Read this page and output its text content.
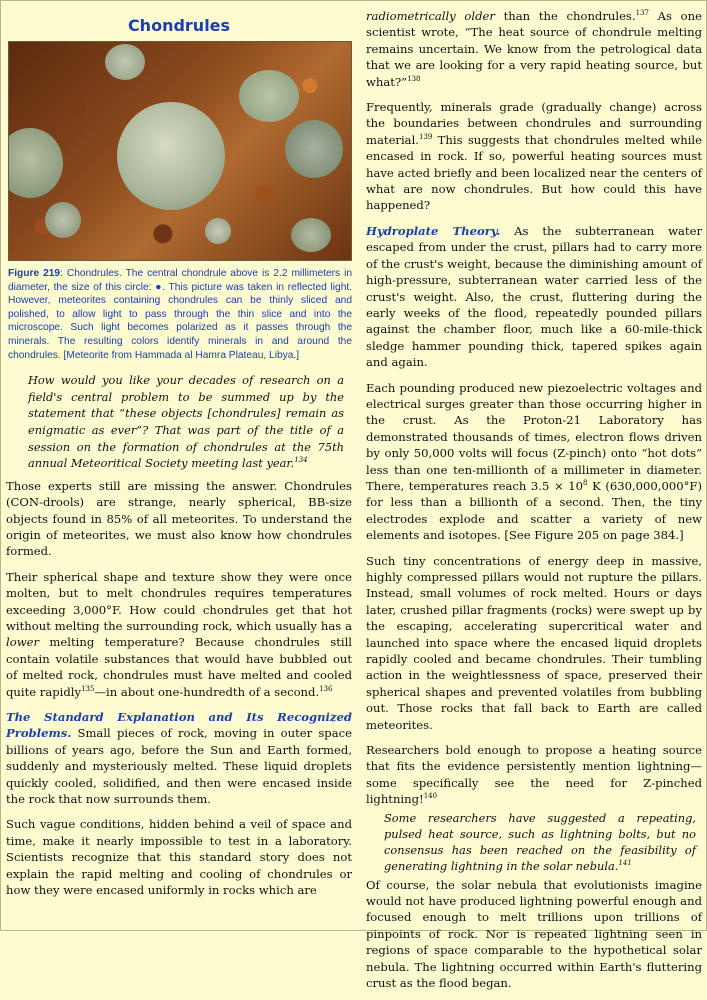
Chondrules
Figure 219: Chondrules. The central chondrule above is 2.2 millimeters in diameter, the size of this circle: ●. This picture was taken in reflected light. However, meteorites containing chondrules can be thinly sliced and polished, to allow light to pass through the thin slice and into the microscope. Such light becomes polarized as it passes through the minerals. The resulting colors identify minerals in and around the chondrules. [Meteorite from Hammada al Hamra Plateau, Libya.]
How would you like your decades of research on a field's central problem to be summed up by the statement that “these objects [chondrules] remain as enigmatic as ever”? That was part of the title of a session on the formation of chondrules at the 75th annual Meteoritical Society meeting last year.$^{134}$

Those experts still are missing the answer. Chondrules (CON-drools) are strange, nearly spherical, BB-size objects found in 85% of all meteorites. To understand the origin of meteorites, we must also know how chondrules formed.

Their spherical shape and texture show they were once molten, but to melt chondrules requires temperatures exceeding 3,000°F. How could chondrules get that hot without melting the surrounding rock, which usually has a lower melting temperature? Because chondrules still contain volatile substances that would have bubbled out of melted rock, chondrules must have melted and cooled quite rapidly$^{135}$—in about one-hundredth of a second.$^{136}$

The Standard Explanation and Its Recognized Problems. Small pieces of rock, moving in outer space billions of years ago, before the Sun and Earth formed, suddenly and mysteriously melted. These liquid droplets quickly cooled, solidified, and then were encased inside the rock that now surrounds them.

Such vague conditions, hidden behind a veil of space and time, make it nearly impossible to test in a laboratory. Scientists recognize that this standard story does not explain the rapid melting and cooling of chondrules or how they were encased uniformly in rocks which are

radiometrically older than the chondrules.$^{137}$ As one scientist wrote, “The heat source of chondrule melting remains uncertain. We know from the petrological data that we are looking for a very rapid heating source, but what?”$^{138}$

Frequently, minerals grade (gradually change) across the boundaries between chondrules and surrounding material.$^{139}$ This suggests that chondrules melted while encased in rock. If so, powerful heating sources must have acted briefly and been localized near the centers of what are now chondrules. But how could this have happened?

Hydroplate Theory. As the subterranean water escaped from under the crust, pillars had to carry more of the crust's weight, because the diminishing amount of high-pressure, subterranean water carried less of the crust's weight. Also, the crust, fluttering during the early weeks of the flood, repeatedly pounded pillars against the chamber floor, much like a 60-mile-thick sledge hammer pounding thick, tapered spikes again and again.

Each pounding produced new piezoelectric voltages and electrical surges greater than those occurring higher in the crust. As the Proton-21 Laboratory has demonstrated thousands of times, electron flows driven by only 50,000 volts will focus (Z-pinch) onto “hot dots” less than one ten-millionth of a millimeter in diameter. There, temperatures reach $3.5 \times 10^8$ K (630,000,000°F) for less than a billionth of a second. Then, the tiny electrodes explode and scatter a variety of new elements and isotopes. [See Figure 205 on page 384.]

Such tiny concentrations of energy deep in massive, highly compressed pillars would not rupture the pillars. Instead, small volumes of rock melted. Hours or days later, crushed pillar fragments (rocks) were swept up by the escaping, accelerating supercritical water and launched into space where the encased liquid droplets rapidly cooled and became chondrules. Their tumbling action in the weightlessness of space, preserved their spherical shapes and prevented volatiles from bubbling out. Those rocks that fall back to Earth are called meteorites.

Researchers bold enough to propose a heating source that fits the evidence persistently mention lightning—some specifically see the need for Z-pinched lightning!$^{140}$

Some researchers have suggested a repeating, pulsed heat source, such as lightning bolts, but no consensus has been reached on the feasibility of generating lightning in the solar nebula.$^{141}$

Of course, the solar nebula that evolutionists imagine would not have produced lightning powerful enough and focused enough to melt trillions upon trillions of pinpoints of rock. Nor is repeated lightning seen in regions of space comparable to the hypothetical solar nebula. The lightning occurred within Earth's fluttering crust as the flood began.
